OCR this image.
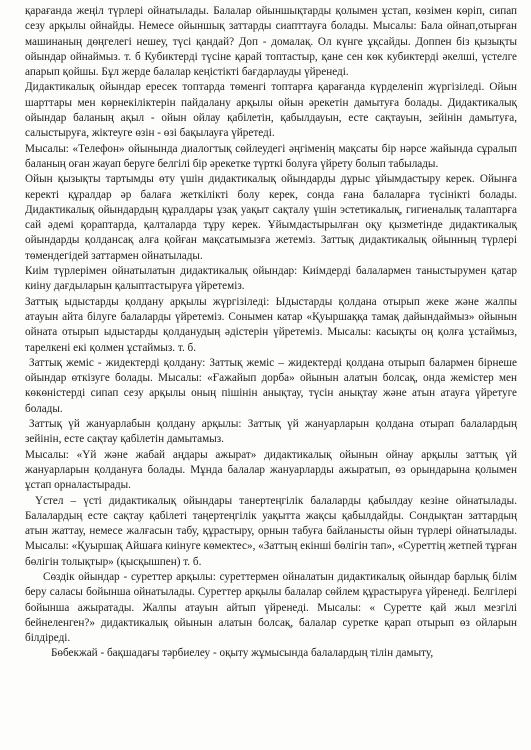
қарағанда жеңіл түрлері ойнатылады. Балалар ойыншықтарды қолымен ұстап, көзімен көріп, сипап сезу арқылы ойнайды. Немесе ойыншық заттарды сиапттауға болады. Мысалы: Бала ойнап,отырған машинаның дөңгелегі нешеу, түсі қандай? Доп - домалақ. Ол күнге ұқсайды. Доппен біз қызықты ойындар ойнаймыз. т. б Кубиктерді түсіне қарай топтастыр, қане сен көк кубиктерді әкелші, үстелге апарып қойшы. Бұл жерде балалар кеңістікті бағдарлауды үйренеді.

Дидактикалық ойындар ересек топтарда төменгі топтарға қарағанда күрделеніп жүргізіледі. Ойын шарттары мен көрнекіліктерін пайдалану арқылы ойын әрекетін дамытуға болады. Дидактикалық ойындар баланың ақыл - ойын ойлау қабілетін, қабылдауын, есте сақтауын, зейінін дамытуға, салыстыруға, жіктеуге өзін - өзі бақылауға үйретеді.

Мысалы: «Телефон» ойынында диалогтық сөйлеудегі әңгіменің мақсаты бір нәрсе жайында сұралып баланың оған жауап беруге белгілі бір әрекетке түрткі болуға үйрету болып табылады.

Ойын қызықты тартымды өту үшін дидактикалық ойындарды дұрыс ұйымдастыру керек. Ойынға керекті құралдар әр балаға жеткілікті болу керек, сонда ғана балаларға түсінікті болады. Дидактикалық ойындардың құралдары ұзақ уақыт сақталу үшін эстетикалық, гигиеналық талаптарға сай әдемі қораптарда, қалталарда тұру керек. Ұйымдастырылған оқу қызметінде дидактикалық ойындарды қолдансақ алға қойған мақсатымызға жетеміз. Заттық дидактикалық ойынның түрлері төмендегідей заттармен ойнатылады.

Киім түрлерімен ойнатылатын дидактикалық ойындар: Киімдерді балалармен таныстырумен қатар киіну дағдыларын қалыптастыруға үйретеміз.

Заттық ыдыстарды қолдану арқылы жүргізіледі: Ыдыстарды қолдана отырып жеке және жалпы атауын айта білуге балаларды үйретеміз. Сонымен катар «Қуыршаққа тамақ дайындаймыз» ойынын ойната отырып ыдыстарды қолданудың әдістерін үйретеміз. Мысалы: касықты оң қолға ұстаймыз, тарелкені екі қолмен ұстаймыз. т. б.

Заттық жеміс - жидектерді қолдану: Заттық жеміс – жидектерді қолдана отырып балармен бірнеше ойындар өткізуге болады. Мысалы: «Ғажайып дорба» ойынын алатын болсақ, онда жемістер мен көкөністерді сипап сезу арқылы оның пішінін анықтау, түсін анықтау және атын атауға үйретуге болады.

Заттық үй жануарлабын қолдану арқылы: Заттық үй жануарларын қолдана отырап балалардың зейінін, есте сақтау қабілетін дамытамыз.

Мысалы: «Үй және жабай аңдары ажырат» дидактикалық ойынын ойнау арқылы заттық үй жануарларын қолдануға болады. Мұнда балалар жануарларды ажыратып, өз орындарына қолымен ұстап орналастырады.

Үстел – үсті дидактикалық ойындары танертеңгілік балаларды қабылдау кезіне ойнатылады. Балалардың есте сақтау қабілеті таңертеңгілік уақытта жақсы қабылдайды. Сондықтан заттардың атын жаттау, немесе жалғасын табу, құрастыру, орнын табуға байланысты ойын түрлері ойнатылады. Мысалы: «Қуыршақ Айшаға киінуге көмектес», «Заттың екінші бөлігін тап», «Суреттің жетпей тұрған бөлігін толықтыр» (қысқышпен) т. б.

Сөздік ойындар - суреттер арқылы: суреттермен ойналатын дидактикалық ойындар барлық білім беру саласы бойынша ойнатылады. Суреттер арқылы балалар сөйлем құрастыруға үйренеді. Белгілері бойынша ажыратады. Жалпы атауын айтып үйренеді. Мысалы: « Суретте қай жыл мезгілі бейнеленген?» дидактикалық ойынын алатын болсақ, балалар суретке қарап отырып өз ойларын білдіреді.

Бөбекжай - бақшадағы тәрбиелеу - оқыту жұмысында балалардың тілін дамыту,
